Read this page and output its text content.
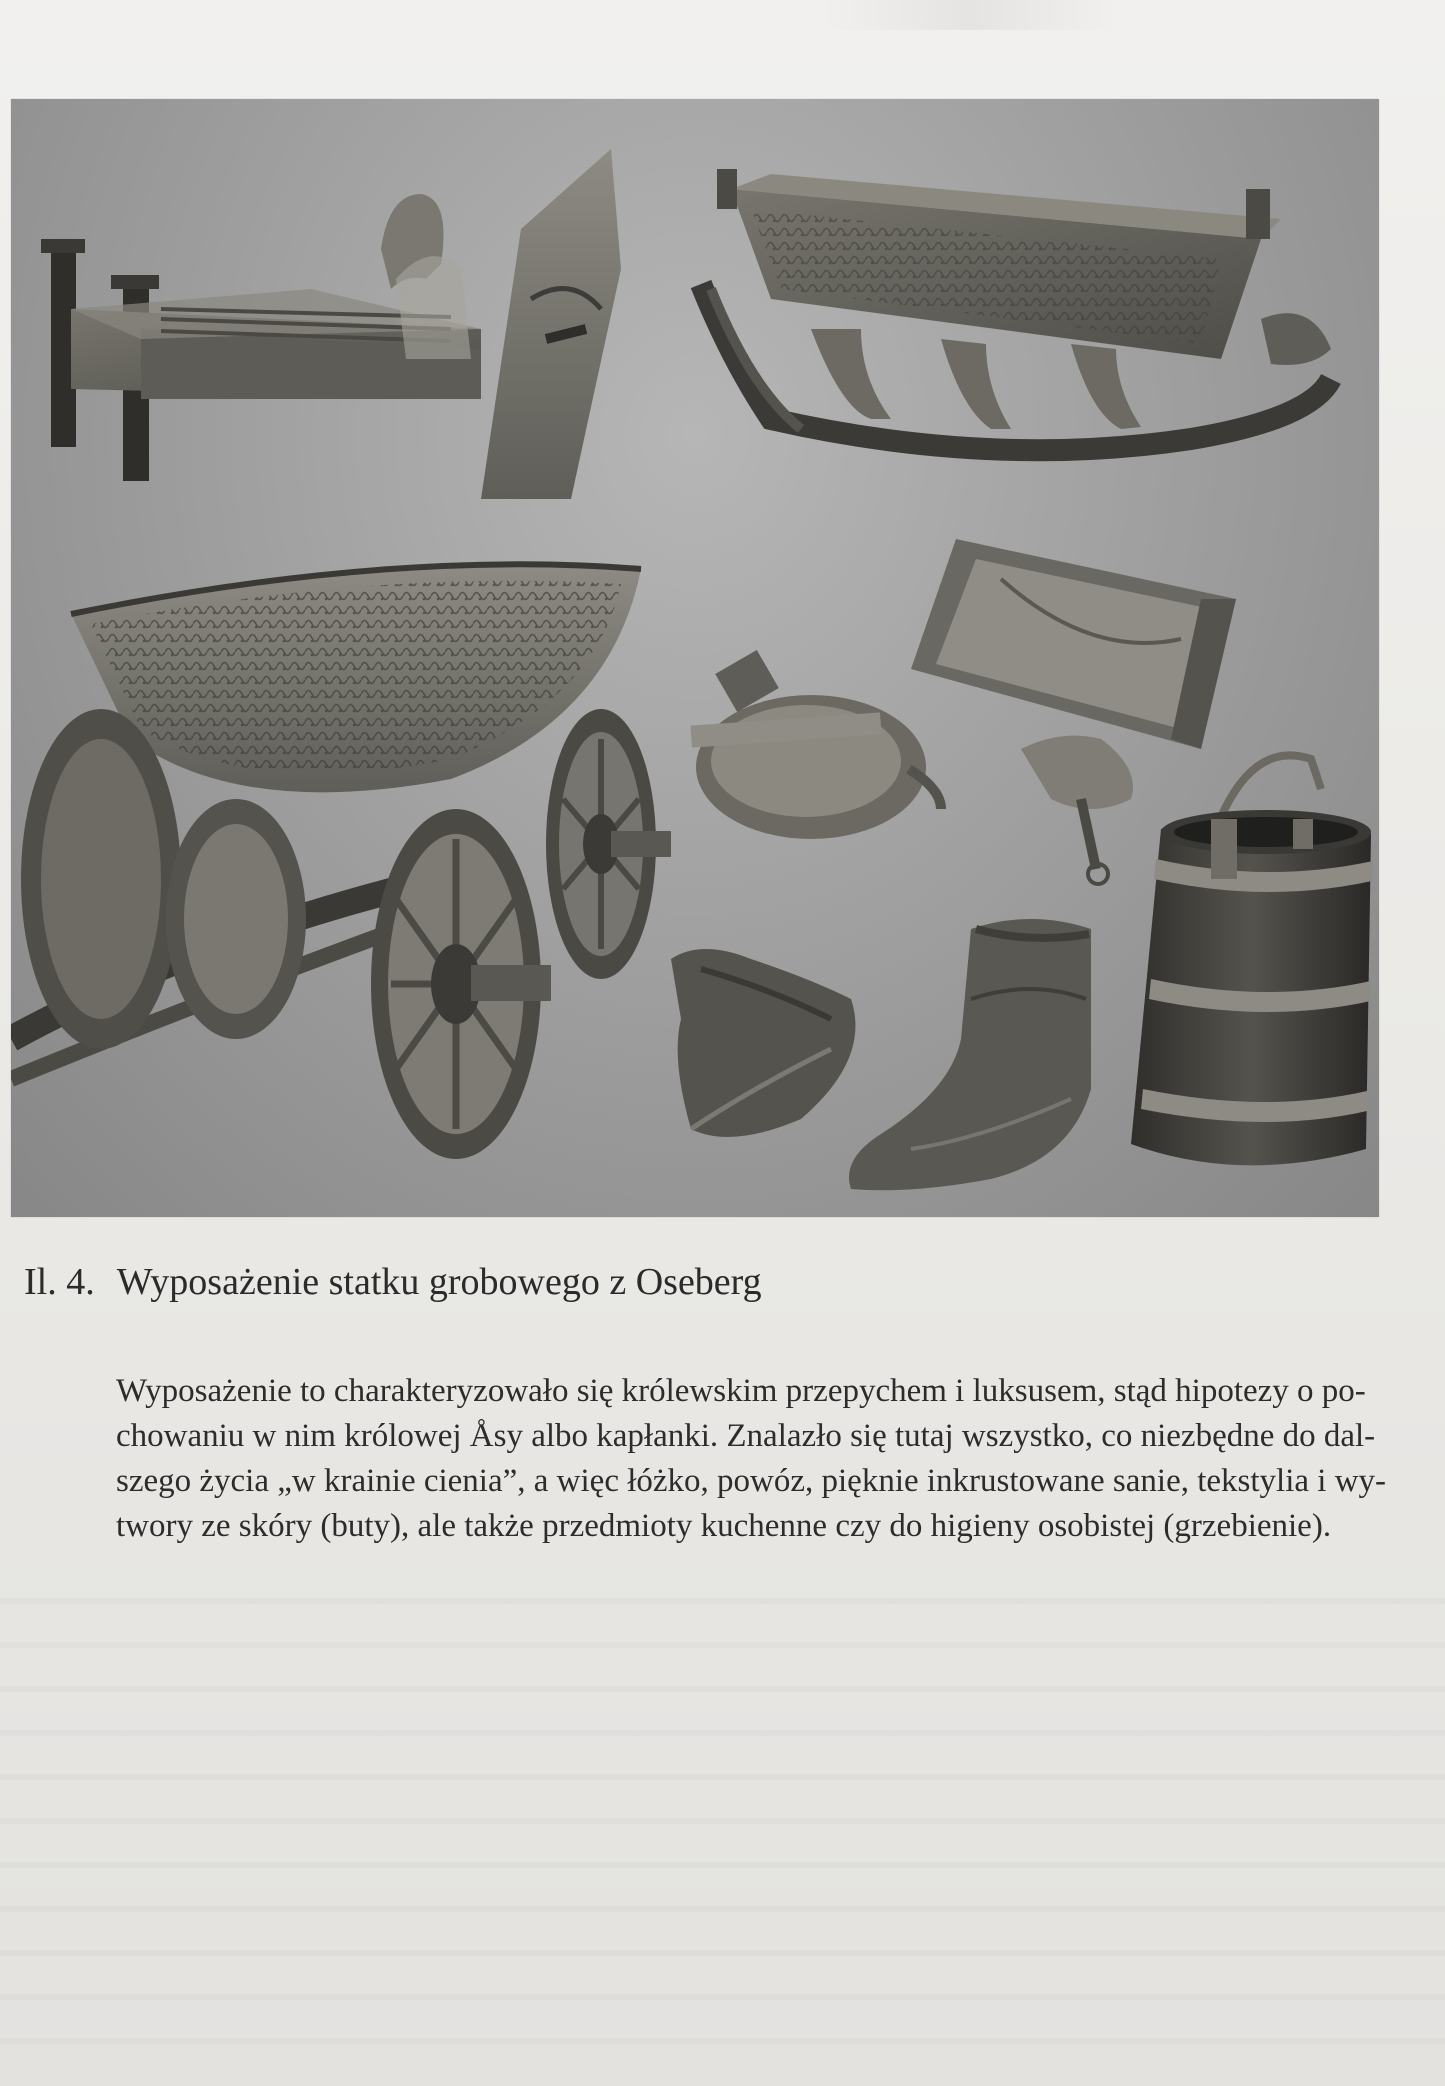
Il. 4. Wyposażenie statku grobowego z Oseberg
Wyposażenie to charakteryzowało się królewskim przepychem i luksusem, stąd hipotezy o po-
chowaniu w nim królowej Åsy albo kapłanki. Znalazło się tutaj wszystko, co niezbędne do dal-
szego życia „w krainie cienia”, a więc łóżko, powóz, pięknie inkrustowane sanie, tekstylia i wy-
twory ze skóry (buty), ale także przedmioty kuchenne czy do higieny osobistej (grzebienie).
